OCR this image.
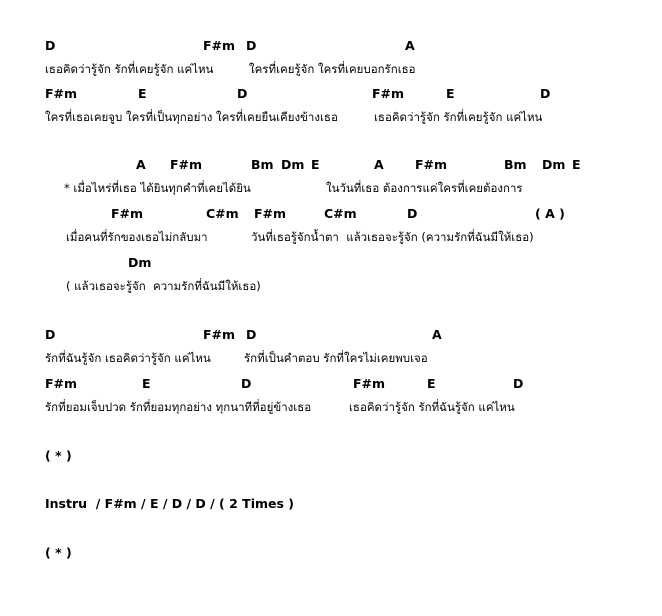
D	F#m D	A
เธอคิดว่ารู้จัก รักที่เคยรู้จัก แค่ไหน	ใครที่เคยรู้จัก ใครที่เคยบอกรักเธอ
F#m	E	D	F#m	E	D
ใครที่เธอเคยจูบ ใครที่เป็นทุกอย่าง ใครที่เคยยืนเคียงข้างเธอ	เธอคิดว่ารู้จัก รักที่เคยรู้จัก แค่ไหน
A F#m	Bm Dm E	A	F#m	Bm Dm E
* เมื่อไหร่ที่เธอ ได้ยินทุกคำที่เคยได้ยิน	ในวันที่เธอ ต้องการแค่ใครที่เคยต้องการ
F#m	C#m F#m	C#m	D	( A )
เมื่อคนที่รักของเธอไม่กลับมา	วันที่เธอรู้จักน้ำตา  แล้วเธอจะรู้จัก (ความรักที่ฉันมีให้เธอ)
Dm
( แล้วเธอจะรู้จัก  ความรักที่ฉันมีให้เธอ)
D	F#m D	A
รักที่ฉันรู้จัก เธอคิดว่ารู้จัก แค่ไหน	รักที่เป็นคำตอบ รักที่ใครไม่เคยพบเจอ
F#m	E	D	F#m	E	D
รักที่ยอมเจ็บปวด รักที่ยอมทุกอย่าง ทุกนาทีที่อยู่ข้างเธอ	เธอคิดว่ารู้จัก รักที่ฉันรู้จัก แค่ไหน
( * )
Instru  / F#m / E / D / D / ( 2 Times )
( * )
